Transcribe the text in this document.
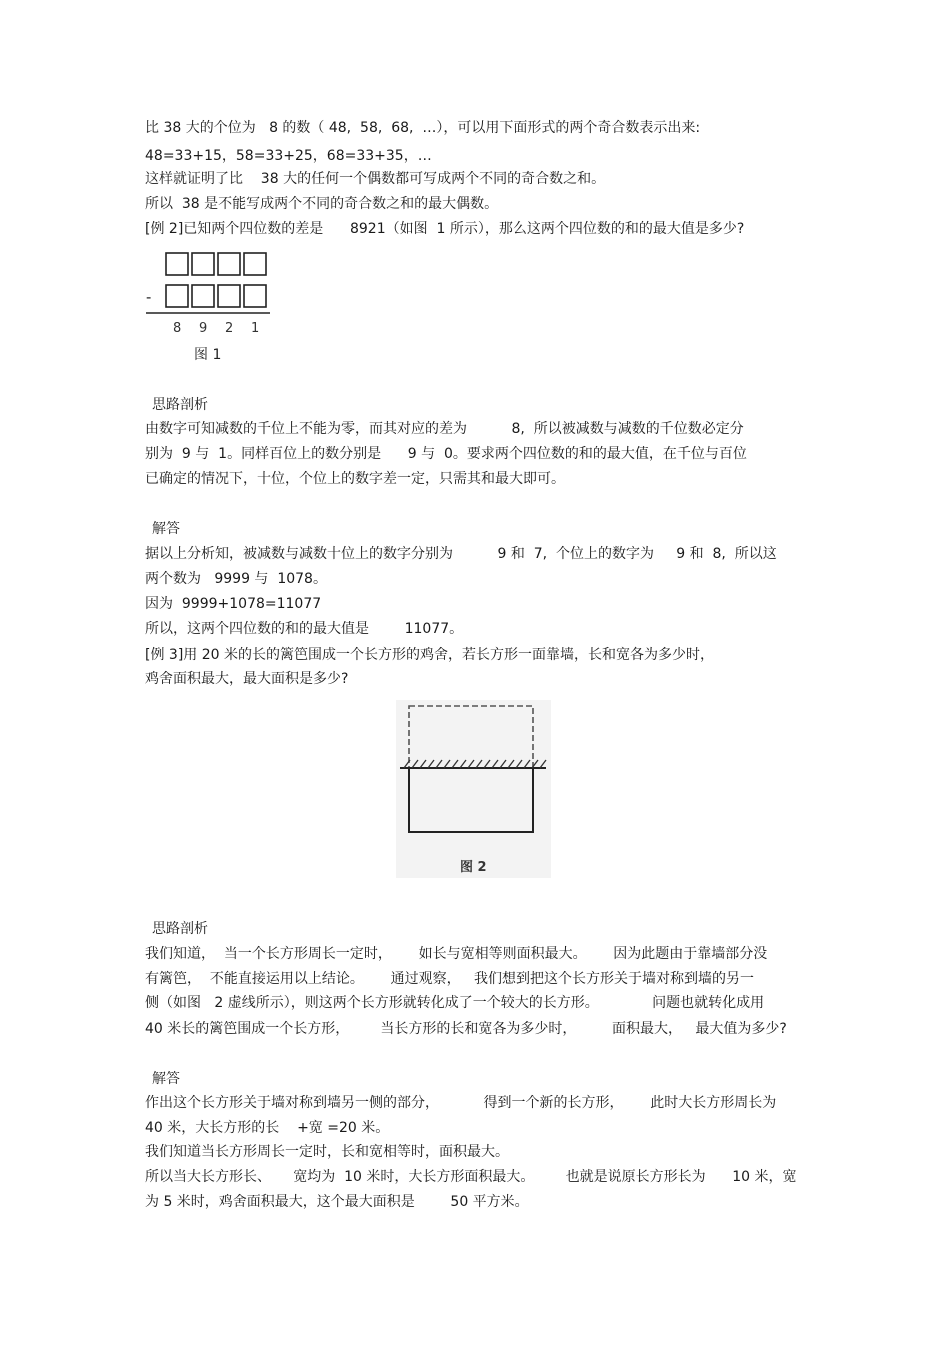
比 38 大的个位为   8 的数（ 48,  58,  68,  …），可以用下面形式的两个奇合数表示出来:

48=33+15，58=33+25，68=33+35，…

这样就证明了比    38 大的任何一个偶数都可写成两个不同的奇合数之和。

所以  38 是不能写成两个不同的奇合数之和的最大偶数。

[例 2]已知两个四位数的差是      8921（如图  1 所示），那么这两个四位数的和的最大值是多少?

-
8 9 2 1
图 1

思路剖析

由数字可知减数的千位上不能为零，而其对应的差为          8,  所以被减数与减数的千位数必定分

别为  9 与  1。同样百位上的数分别是      9 与  0。要求两个四位数的和的最大值，在千位与百位

已确定的情况下，十位，个位上的数字差一定，只需其和最大即可。

解答

据以上分析知，被减数与减数十位上的数字分别为          9 和  7,  个位上的数字为     9 和  8,  所以这

两个数为   9999 与  1078。

因为  9999+1078=11077

所以，这两个四位数的和的最大值是        11077。

[例 3]用 20 米的长的篱笆围成一个长方形的鸡舍，若长方形一面靠墙，长和宽各为多少时，

鸡舍面积最大，最大面积是多少?

图 2

思路剖析

我们知道，  当一个长方形周长一定时，      如长与宽相等则面积最大。      因为此题由于靠墙部分没

有篱笆，  不能直接运用以上结论。      通过观察，   我们想到把这个长方形关于墙对称到墙的另一

侧（如图   2 虚线所示），则这两个长方形就转化成了一个较大的长方形。            问题也就转化成用

40 米长的篱笆围成一个长方形，       当长方形的长和宽各为多少时，        面积最大，   最大值为多少?

解答

作出这个长方形关于墙对称到墙另一侧的部分，          得到一个新的长方形，      此时大长方形周长为

40 米，大长方形的长    +宽 =20 米。

我们知道当长方形周长一定时，长和宽相等时，面积最大。

所以当大长方形长、     宽均为  10 米时，大长方形面积最大。       也就是说原长方形长为      10 米，宽

为 5 米时，鸡舍面积最大，这个最大面积是        50 平方米。
